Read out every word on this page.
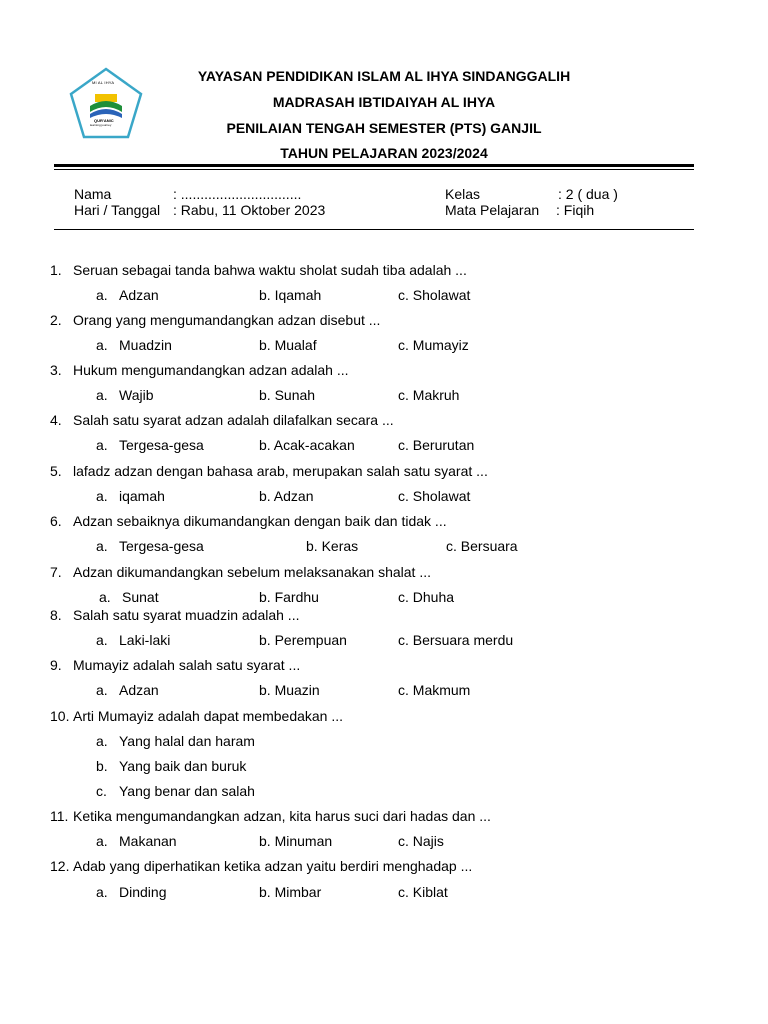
MI AL IHYA
QUR'ANIC
learning journey
YAYASAN PENDIDIKAN ISLAM AL IHYA SINDANGGALIH
MADRASAH IBTIDAIYAH AL IHYA
PENILAIAN TENGAH SEMESTER (PTS) GANJIL
TAHUN PELAJARAN 2023/2024
Nama	: ...............................
Hari / Tanggal : Rabu, 11 Oktober 2023
Kelas	: 2 ( dua )
Mata Pelajaran : Fiqih
1. Seruan sebagai tanda bahwa waktu sholat sudah tiba adalah ...
a. Adzan	b. Iqamah	c. Sholawat
2. Orang yang mengumandangkan adzan disebut ...
a. Muadzin	b. Mualaf	c. Mumayiz
3. Hukum mengumandangkan adzan adalah ...
a. Wajib	b. Sunah	c. Makruh
4. Salah satu syarat adzan adalah dilafalkan secara ...
a. Tergesa-gesa	b. Acak-acakan	c. Berurutan
5. lafadz adzan dengan bahasa arab, merupakan salah satu syarat ...
a. iqamah	b. Adzan	c. Sholawat
6. Adzan sebaiknya dikumandangkan dengan baik dan tidak ...
a. Tergesa-gesa	b. Keras	c. Bersuara
7. Adzan dikumandangkan sebelum melaksanakan shalat ...
a. Sunat	b. Fardhu	c. Dhuha
8. Salah satu syarat muadzin adalah ...
a. Laki-laki	b. Perempuan	c. Bersuara merdu
9. Mumayiz adalah salah satu syarat ...
a. Adzan	b. Muazin	c. Makmum
10. Arti Mumayiz adalah dapat membedakan ...
a. Yang halal dan haram
b. Yang baik dan buruk
c. Yang benar dan salah
11. Ketika mengumandangkan adzan, kita harus suci dari hadas dan ...
a. Makanan	b. Minuman	c. Najis
12. Adab yang diperhatikan ketika adzan yaitu berdiri menghadap ...
a. Dinding	b. Mimbar	c. Kiblat
